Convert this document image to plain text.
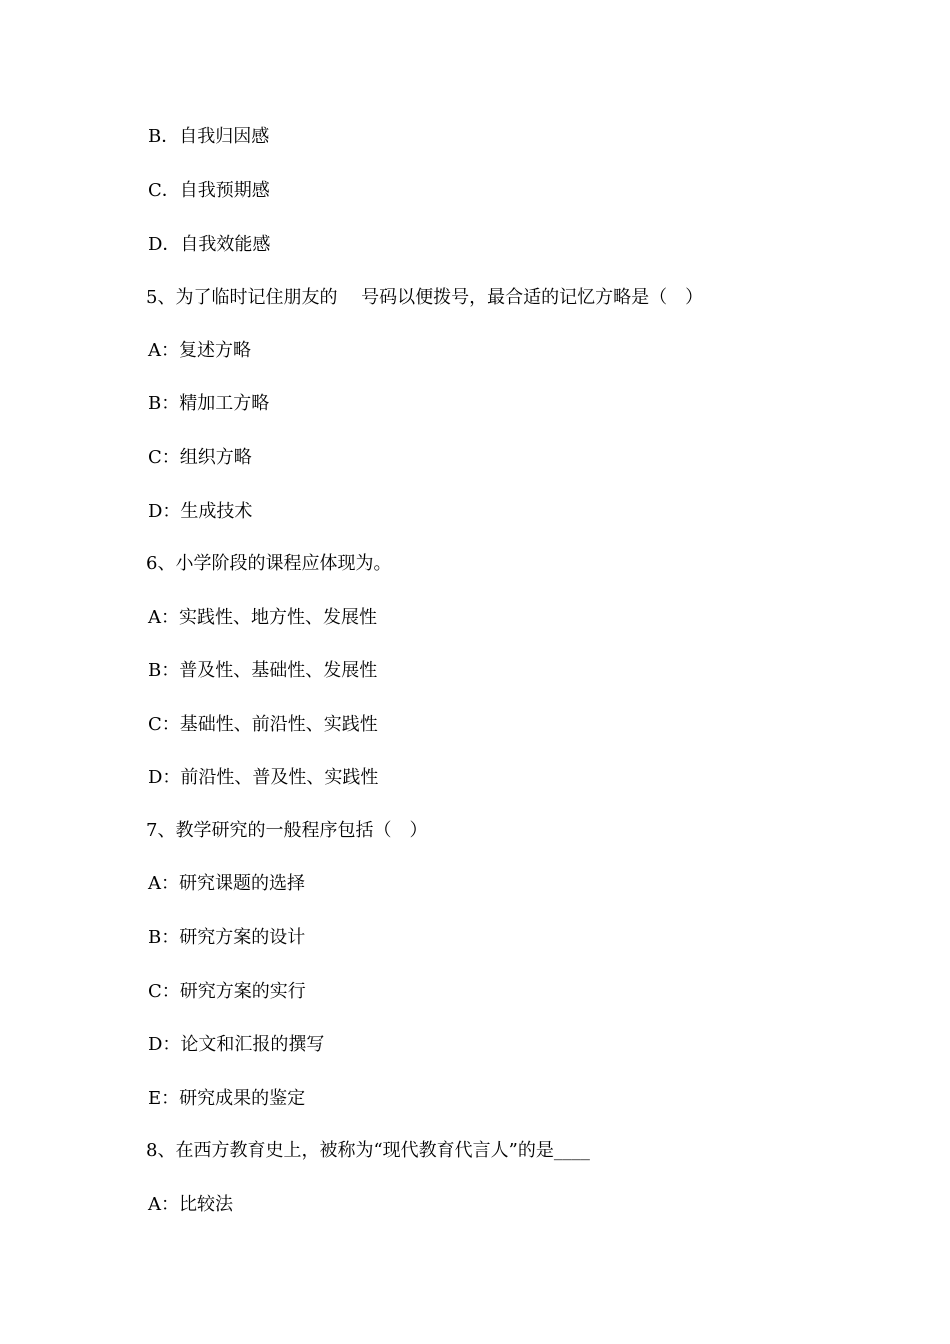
B．自我归因感
C．自我预期感
D．自我效能感
5、为了临时记住朋友的　 号码以便拨号，最合适的记忆方略是（　）
A：复述方略
B：精加工方略
C：组织方略
D：生成技术
6、小学阶段的课程应体现为。
A：实践性、地方性、发展性
B：普及性、基础性、发展性
C：基础性、前沿性、实践性
D：前沿性、普及性、实践性
7、教学研究的一般程序包括（　）
A：研究课题的选择
B：研究方案的设计
C：研究方案的实行
D：论文和汇报的撰写
E：研究成果的鉴定
8、在西方教育史上，被称为“现代教育代言人”的是____
A：比较法
